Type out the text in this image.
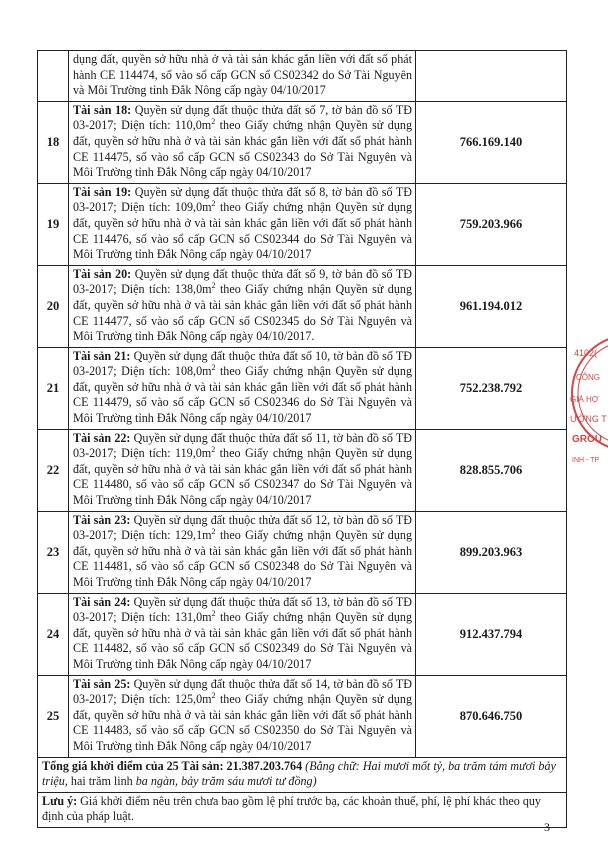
	dụng đất, quyền sở hữu nhà ở và tài sản khác gắn liền với đất số phát hành CE 114474, số vào sổ cấp GCN số CS02342 do Sở Tài Nguyên và Môi Trường tỉnh Đắk Nông cấp ngày 04/10/2017	
18	Tài sản 18: Quyền sử dụng đất thuộc thửa đất số 7, tờ bản đồ số TĐ 03-2017; Diện tích: $110,0m^2$ theo Giấy chứng nhận Quyền sử dụng đất, quyền sở hữu nhà ở và tài sản khác gắn liền với đất số phát hành CE 114475, số vào sổ cấp GCN số CS02343 do Sở Tài Nguyên và Môi Trường tỉnh Đắk Nông cấp ngày 04/10/2017	766.169.140
19	Tài sản 19: Quyền sử dụng đất thuộc thửa đất số 8, tờ bản đồ số TĐ 03-2017; Diện tích: $109,0m^2$ theo Giấy chứng nhận Quyền sử dụng đất, quyền sở hữu nhà ở và tài sản khác gắn liền với đất số phát hành CE 114476, số vào sổ cấp GCN số CS02344 do Sở Tài Nguyên và Môi Trường tỉnh Đắk Nông cấp ngày 04/10/2017	759.203.966
20	Tài sản 20: Quyền sử dụng đất thuộc thửa đất số 9, tờ bản đồ số TĐ 03-2017; Diện tích: $138,0m^2$ theo Giấy chứng nhận Quyền sử dụng đất, quyền sở hữu nhà ở và tài sản khác gắn liền với đất số phát hành CE 114477, số vào sổ cấp GCN số CS02345 do Sở Tài Nguyên và Môi Trường tỉnh Đắk Nông cấp ngày 04/10/2017.	961.194.012
21	Tài sản 21: Quyền sử dụng đất thuộc thửa đất số 10, tờ bản đồ số TĐ 03-2017; Diện tích: $108,0m^2$ theo Giấy chứng nhận Quyền sử dụng đất, quyền sở hữu nhà ở và tài sản khác gắn liền với đất số phát hành CE 114479, số vào sổ cấp GCN số CS02346 do Sở Tài Nguyên và Môi Trường tỉnh Đắk Nông cấp ngày 04/10/2017	752.238.792
22	Tài sản 22: Quyền sử dụng đất thuộc thửa đất số 11, tờ bản đồ số TĐ 03-2017; Diện tích: $119,0m^2$ theo Giấy chứng nhận Quyền sử dụng đất, quyền sở hữu nhà ở và tài sản khác gắn liền với đất số phát hành CE 114480, số vào sổ cấp GCN số CS02347 do Sở Tài Nguyên và Môi Trường tỉnh Đắk Nông cấp ngày 04/10/2017	828.855.706
23	Tài sản 23: Quyền sử dụng đất thuộc thửa đất số 12, tờ bản đồ số TĐ 03-2017; Diện tích: $129,1m^2$ theo Giấy chứng nhận Quyền sử dụng đất, quyền sở hữu nhà ở và tài sản khác gắn liền với đất số phát hành CE 114481, số vào sổ cấp GCN số CS02348 do Sở Tài Nguyên và Môi Trường tỉnh Đắk Nông cấp ngày 04/10/2017	899.203.963
24	Tài sản 24: Quyền sử dụng đất thuộc thửa đất số 13, tờ bản đồ số TĐ 03-2017; Diện tích: $131,0m^2$ theo Giấy chứng nhận Quyền sử dụng đất, quyền sở hữu nhà ở và tài sản khác gắn liền với đất số phát hành CE 114482, số vào sổ cấp GCN số CS02349 do Sở Tài Nguyên và Môi Trường tỉnh Đắk Nông cấp ngày 04/10/2017	912.437.794
25	Tài sản 25: Quyền sử dụng đất thuộc thửa đất số 14, tờ bản đồ số TĐ 03-2017; Diện tích: $125,0m^2$ theo Giấy chứng nhận Quyền sử dụng đất, quyền sở hữu nhà ở và tài sản khác gắn liền với đất số phát hành CE 114483, số vào sổ cấp GCN số CS02350 do Sở Tài Nguyên và Môi Trường tỉnh Đắk Nông cấp ngày 04/10/2017	870.646.750
Tổng giá khởi điểm của 25 Tài sản: 21.387.203.764 (Bằng chữ: Hai mươi mốt tỷ, ba trăm tám mươi bảy triệu, hai trăm linh ba ngàn, bảy trăm sáu mươi tư đồng)		
Lưu ý: Giá khởi điểm nêu trên chưa bao gồm lệ phí trước bạ, các khoản thuế, phí, lệ phí khác theo quy định của pháp luật.		
3
4102(
CÔNG
GIÁ HỢ
ƯỜNG T
GROU
INH - TP
